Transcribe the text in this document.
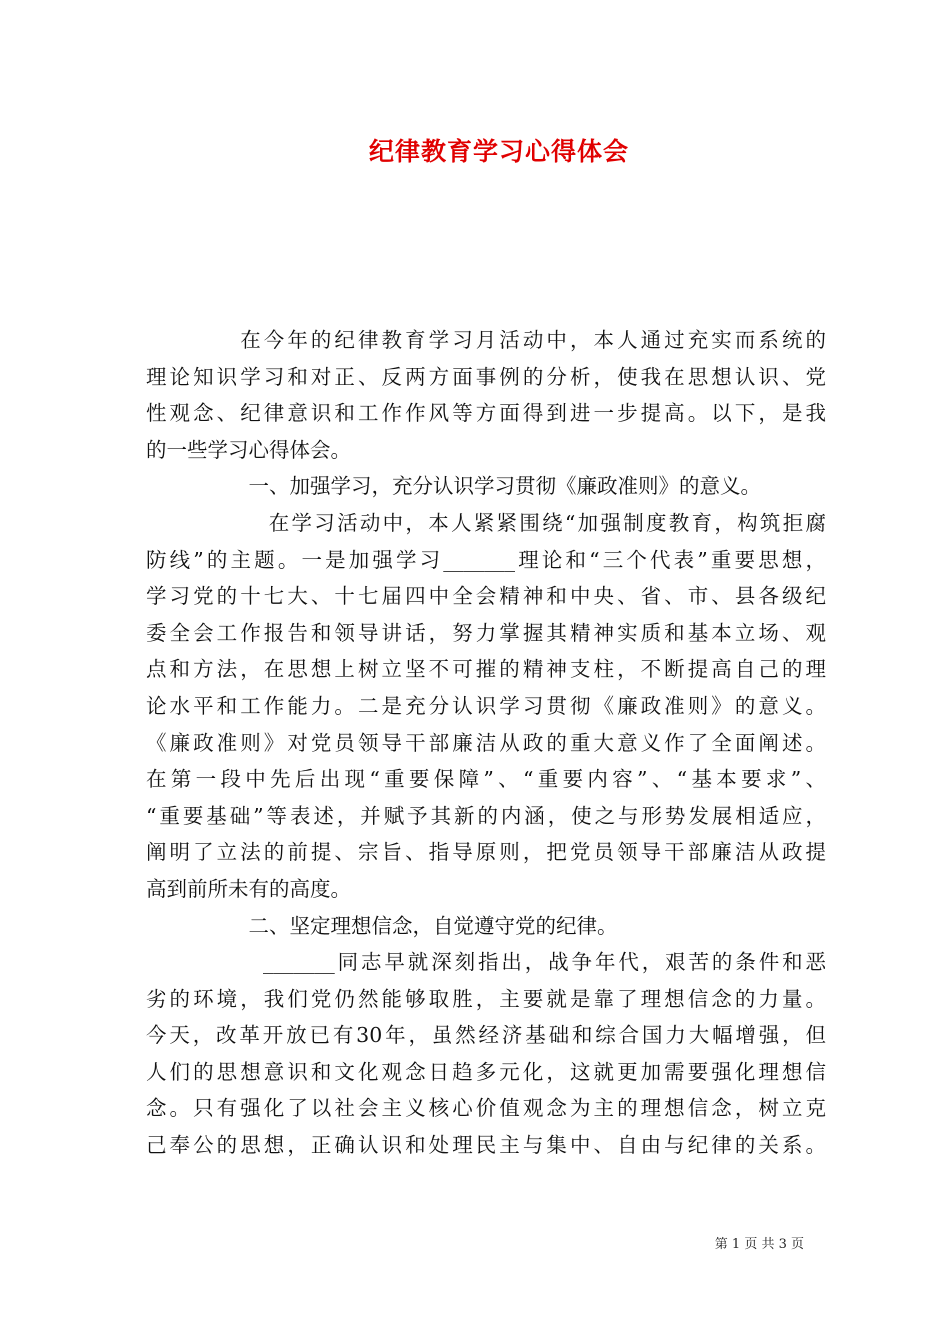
纪律教育学习心得体会
　　　　在今年的纪律教育学习月活动中，本人通过充实而系统的
理论知识学习和对正、反两方面事例的分析，使我在思想认识、党
性观念、纪律意识和工作作风等方面得到进一步提高。以下，是我
的一些学习心得体会。
　　　　　一、加强学习，充分认识学习贯彻《廉政准则》的意义。
　　　　　 在学习活动中，本人紧紧围绕“加强制度教育，构筑拒腐
防线”的主题。一是加强学习_______理论和“三个代表”重要思想，
学习党的十七大、十七届四中全会精神和中央、省、市、县各级纪
委全会工作报告和领导讲话，努力掌握其精神实质和基本立场、观
点和方法，在思想上树立坚不可摧的精神支柱，不断提高自己的理
论水平和工作能力。二是充分认识学习贯彻《廉政准则》的意义。
《廉政准则》对党员领导干部廉洁从政的重大意义作了全面阐述。
在第一段中先后出现“重要保障”、“重要内容”、“基本要求”、
“重要基础”等表述，并赋予其新的内涵，使之与形势发展相适应，
阐明了立法的前提、宗旨、指导原则，把党员领导干部廉洁从政提
高到前所未有的高度。
　　　　　二、坚定理想信念，自觉遵守党的纪律。
　　　　　_______同志早就深刻指出，战争年代，艰苦的条件和恶
劣的环境，我们党仍然能够取胜，主要就是靠了理想信念的力量。
今天，改革开放已有30年，虽然经济基础和综合国力大幅增强，但
人们的思想意识和文化观念日趋多元化，这就更加需要强化理想信
念。只有强化了以社会主义核心价值观念为主的理想信念，树立克
己奉公的思想，正确认识和处理民主与集中、自由与纪律的关系。
第 1 页 共 3 页
